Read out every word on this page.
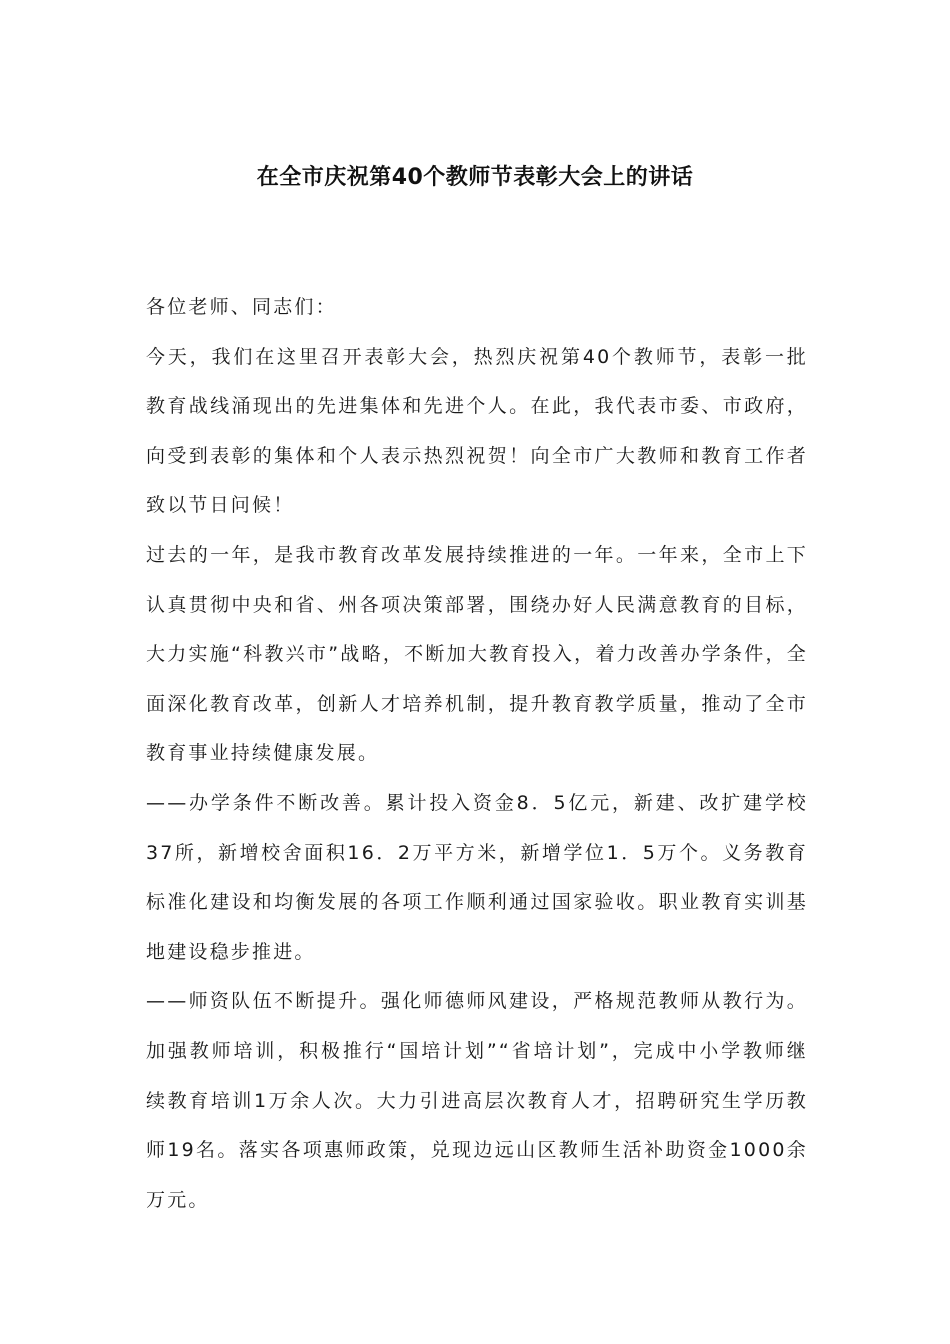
在全市庆祝第40个教师节表彰大会上的讲话

各位老师、同志们：

今天，我们在这里召开表彰大会，热烈庆祝第40个教师节，表彰一批教育战线涌现出的先进集体和先进个人。在此，我代表市委、市政府，向受到表彰的集体和个人表示热烈祝贺！向全市广大教师和教育工作者致以节日问候！

过去的一年，是我市教育改革发展持续推进的一年。一年来，全市上下认真贯彻中央和省、州各项决策部署，围绕办好人民满意教育的目标，大力实施“科教兴市”战略，不断加大教育投入，着力改善办学条件，全面深化教育改革，创新人才培养机制，提升教育教学质量，推动了全市教育事业持续健康发展。

——办学条件不断改善。累计投入资金8．5亿元，新建、改扩建学校37所，新增校舍面积16．2万平方米，新增学位1．5万个。义务教育标准化建设和均衡发展的各项工作顺利通过国家验收。职业教育实训基地建设稳步推进。

——师资队伍不断提升。强化师德师风建设，严格规范教师从教行为。加强教师培训，积极推行“国培计划”“省培计划”，完成中小学教师继续教育培训1万余人次。大力引进高层次教育人才，招聘研究生学历教师19名。落实各项惠师政策，兑现边远山区教师生活补助资金1000余万元。
